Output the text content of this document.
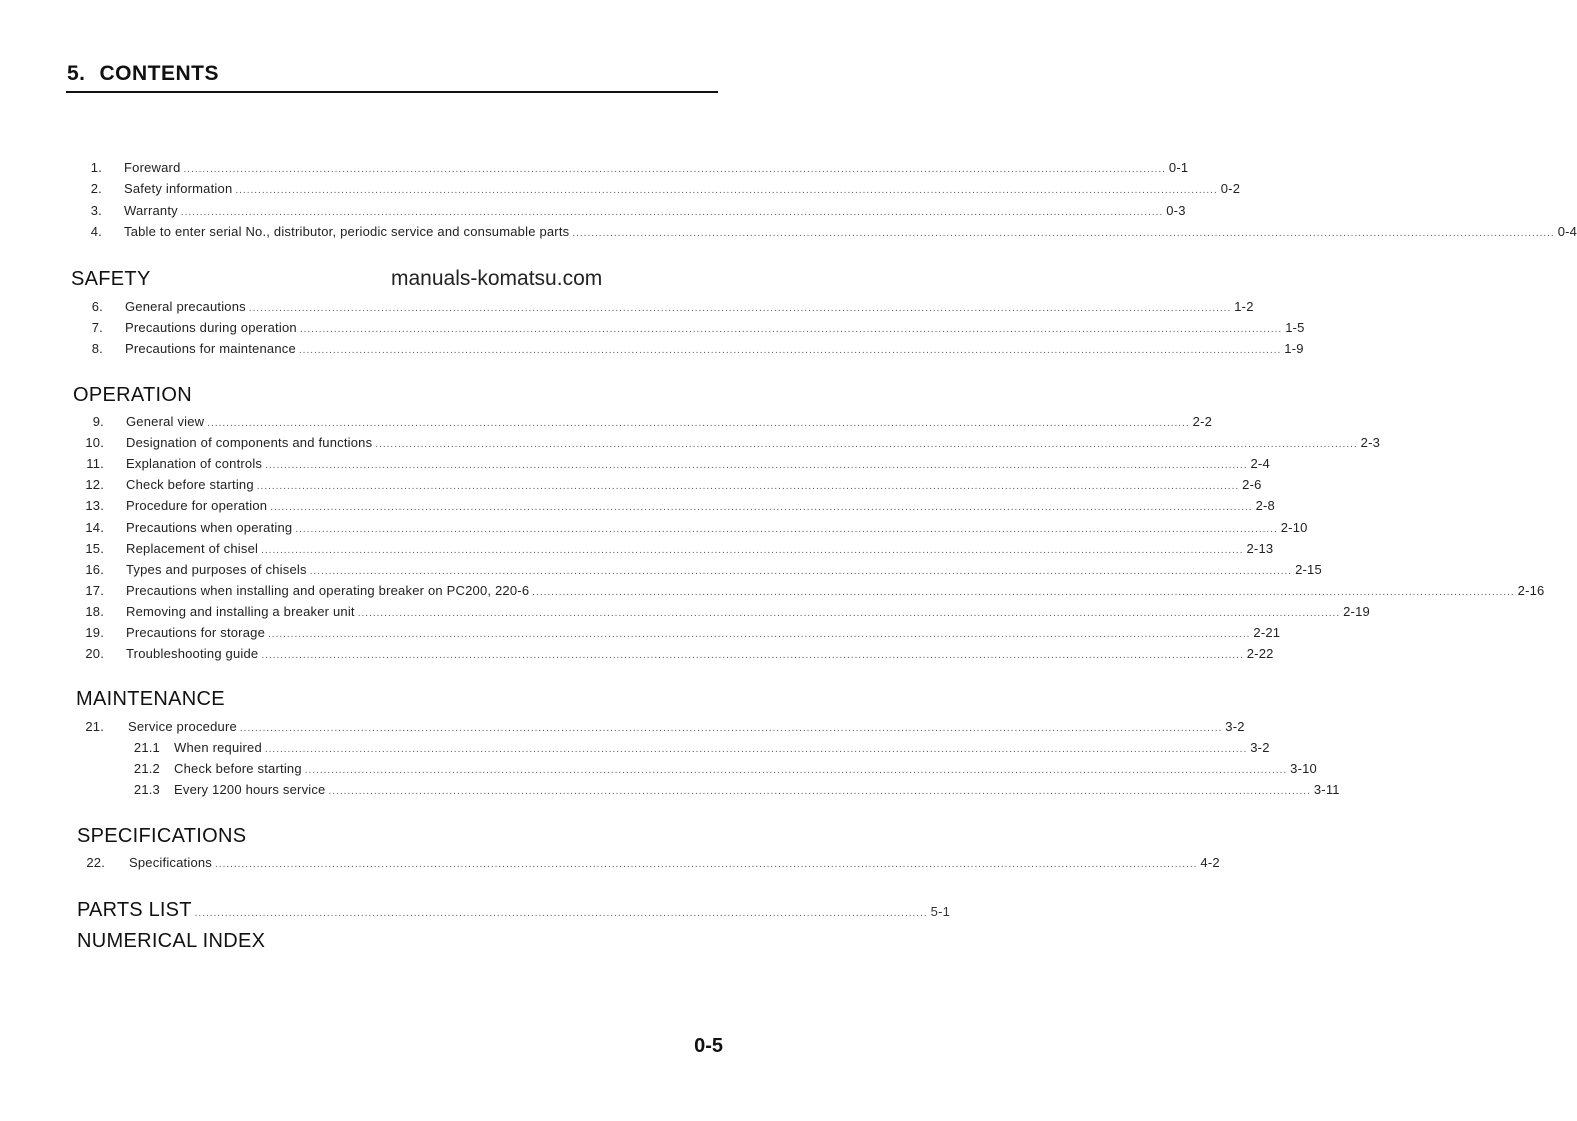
5. CONTENTS
manuals-komatsu.com
1. Foreward .................................................................................................................................................................................................................................................................... 0-1
2. Safety information .................................................................................................................................................................................................................................................................... 0-2
3. Warranty .................................................................................................................................................................................................................................................................... 0-3
4. Table to enter serial No., distributor, periodic service and consumable parts .................................................................................................................................................................................................................................................................... 0-4
SAFETY
6. General precautions .................................................................................................................................................................................................................................................................... 1-2
7. Precautions during operation .................................................................................................................................................................................................................................................................... 1-5
8. Precautions for maintenance .................................................................................................................................................................................................................................................................... 1-9
OPERATION
9. General view .................................................................................................................................................................................................................................................................... 2-2
10. Designation of components and functions .................................................................................................................................................................................................................................................................... 2-3
11. Explanation of controls .................................................................................................................................................................................................................................................................... 2-4
12. Check before starting .................................................................................................................................................................................................................................................................... 2-6
13. Procedure for operation .................................................................................................................................................................................................................................................................... 2-8
14. Precautions when operating .................................................................................................................................................................................................................................................................... 2-10
15. Replacement of chisel .................................................................................................................................................................................................................................................................... 2-13
16. Types and purposes of chisels .................................................................................................................................................................................................................................................................... 2-15
17. Precautions when installing and operating breaker on PC200, 220-6 .................................................................................................................................................................................................................................................................... 2-16
18. Removing and installing a breaker unit .................................................................................................................................................................................................................................................................... 2-19
19. Precautions for storage .................................................................................................................................................................................................................................................................... 2-21
20. Troubleshooting guide .................................................................................................................................................................................................................................................................... 2-22
MAINTENANCE
21. Service procedure .................................................................................................................................................................................................................................................................... 3-2
21.1 When required .................................................................................................................................................................................................................................................................... 3-2
21.2 Check before starting .................................................................................................................................................................................................................................................................... 3-10
21.3 Every 1200 hours service .................................................................................................................................................................................................................................................................... 3-11
SPECIFICATIONS
22. Specifications .................................................................................................................................................................................................................................................................... 4-2
PARTS LIST .................................................................................................................................................................................................. 5-1
NUMERICAL INDEX
0-5
